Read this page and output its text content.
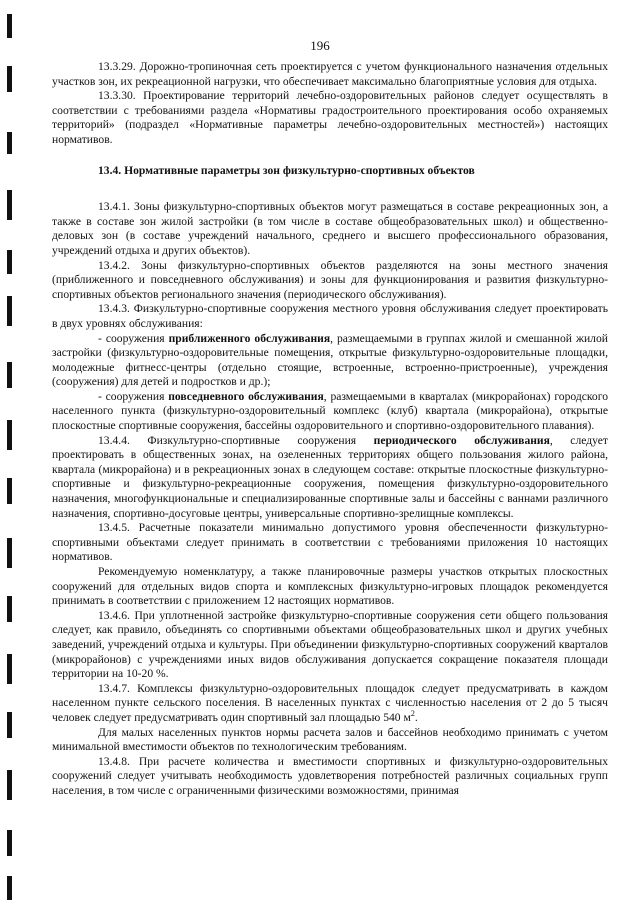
196

13.3.29. Дорожно-тропиночная сеть проектируется с учетом функционального назначения отдельных участков зон, их рекреационной нагрузки, что обеспечивает максимально благоприятные условия для отдыха.

13.3.30. Проектирование территорий лечебно-оздоровительных районов следует осуществлять в соответствии с требованиями раздела «Нормативы градостроительного проектирования особо охраняемых территорий» (подраздел «Нормативные параметры лечебно-оздоровительных местностей») настоящих нормативов.

13.4. Нормативные параметры зон физкультурно-спортивных объектов

13.4.1. Зоны физкультурно-спортивных объектов могут размещаться в составе рекреационных зон, а также в составе зон жилой застройки (в том числе в составе общеобразовательных школ) и общественно-деловых зон (в составе учреждений начального, среднего и высшего профессионального образования, учреждений отдыха и других объектов).

13.4.2. Зоны физкультурно-спортивных объектов разделяются на зоны местного значения (приближенного и повседневного обслуживания) и зоны для функционирования и развития физкультурно-спортивных объектов регионального значения (периодического обслуживания).

13.4.3. Физкультурно-спортивные сооружения местного уровня обслуживания следует проектировать в двух уровнях обслуживания:

- сооружения приближенного обслуживания, размещаемыми в группах жилой и смешанной жилой застройки (физкультурно-оздоровительные помещения, открытые физкультурно-оздоровительные площадки, молодежные фитнесс-центры (отдельно стоящие, встроенные, встроенно-пристроенные), учреждения (сооружения) для детей и подростков и др.);

- сооружения повседневного обслуживания, размещаемыми в кварталах (микрорайонах) городского населенного пункта (физкультурно-оздоровительный комплекс (клуб) квартала (микрорайона), открытые плоскостные спортивные сооружения, бассейны оздоровительного и спортивно-оздоровительного плавания).

13.4.4. Физкультурно-спортивные сооружения периодического обслуживания, следует проектировать в общественных зонах, на озелененных территориях общего пользования жилого района, квартала (микрорайона) и в рекреационных зонах в следующем составе: открытые плоскостные физкультурно-спортивные и физкультурно-рекреационные сооружения, помещения физкультурно-оздоровительного назначения, многофункциональные и специализированные спортивные залы и бассейны с ваннами различного назначения, спортивно-досуговые центры, универсальные спортивно-зрелищные комплексы.

13.4.5. Расчетные показатели минимально допустимого уровня обеспеченности физкультурно-спортивными объектами следует принимать в соответствии с требованиями приложения 10 настоящих нормативов.

Рекомендуемую номенклатуру, а также планировочные размеры участков открытых плоскостных сооружений для отдельных видов спорта и комплексных физкультурно-игровых площадок рекомендуется принимать в соответствии с приложением 12 настоящих нормативов.

13.4.6. При уплотненной застройке физкультурно-спортивные сооружения сети общего пользования следует, как правило, объединять со спортивными объектами общеобразовательных школ и других учебных заведений, учреждений отдыха и культуры. При объединении физкультурно-спортивных сооружений кварталов (микрорайонов) с учреждениями иных видов обслуживания допускается сокращение показателя площади территории на 10-20 %.

13.4.7. Комплексы физкультурно-оздоровительных площадок следует предусматривать в каждом населенном пункте сельского поселения. В населенных пунктах с численностью населения от 2 до 5 тысяч человек следует предусматривать один спортивный зал площадью 540 $м^2$.

Для малых населенных пунктов нормы расчета залов и бассейнов необходимо принимать с учетом минимальной вместимости объектов по технологическим требованиям.

13.4.8. При расчете количества и вместимости спортивных и физкультурно-оздоровительных сооружений следует учитывать необходимость удовлетворения потребностей различных социальных групп населения, в том числе с ограниченными физическими возможностями, принимая
